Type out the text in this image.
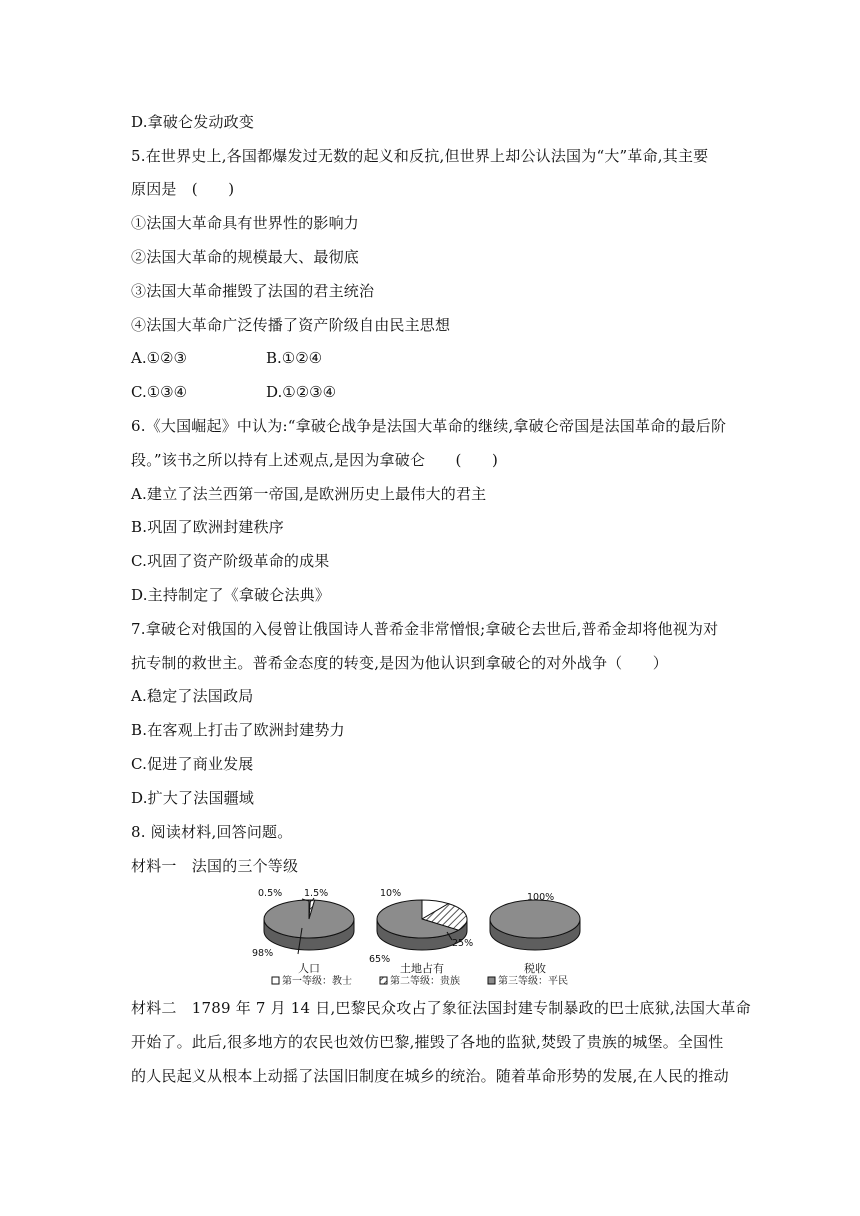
D.拿破仑发动政变
5.在世界史上,各国都爆发过无数的起义和反抗,但世界上却公认法国为“大”革命,其主要
原因是　(　　)
①法国大革命具有世界性的影响力
②法国大革命的规模最大、最彻底
③法国大革命摧毁了法国的君主统治
④法国大革命广泛传播了资产阶级自由民主思想
A.①②③	B.①②④
C.①③④	D.①②③④
6.《大国崛起》中认为:“拿破仑战争是法国大革命的继续,拿破仑帝国是法国革命的最后阶
段。”该书之所以持有上述观点,是因为拿破仑　　(　　)
A.建立了法兰西第一帝国,是欧洲历史上最伟大的君主
B.巩固了欧洲封建秩序
C.巩固了资产阶级革命的成果
D.主持制定了《拿破仑法典》
7.拿破仑对俄国的入侵曾让俄国诗人普希金非常憎恨;拿破仑去世后,普希金却将他视为对
抗专制的救世主。普希金态度的转变,是因为他认识到拿破仑的对外战争（　　）
A.稳定了法国政局
B.在客观上打击了欧洲封建势力
C.促进了商业发展
D.扩大了法国疆域
8. 阅读材料,回答问题。
材料一　法国的三个等级
人口	土地占有	税收
0.5% 1.5%
98%
10%
25%
65%
100%
第一等级：教士	第二等级：贵族	第三等级：平民
材料二　1789 年 7 月 14 日,巴黎民众攻占了象征法国封建专制暴政的巴士底狱,法国大革命
开始了。此后,很多地方的农民也效仿巴黎,摧毁了各地的监狱,焚毁了贵族的城堡。全国性
的人民起义从根本上动摇了法国旧制度在城乡的统治。随着革命形势的发展,在人民的推动
